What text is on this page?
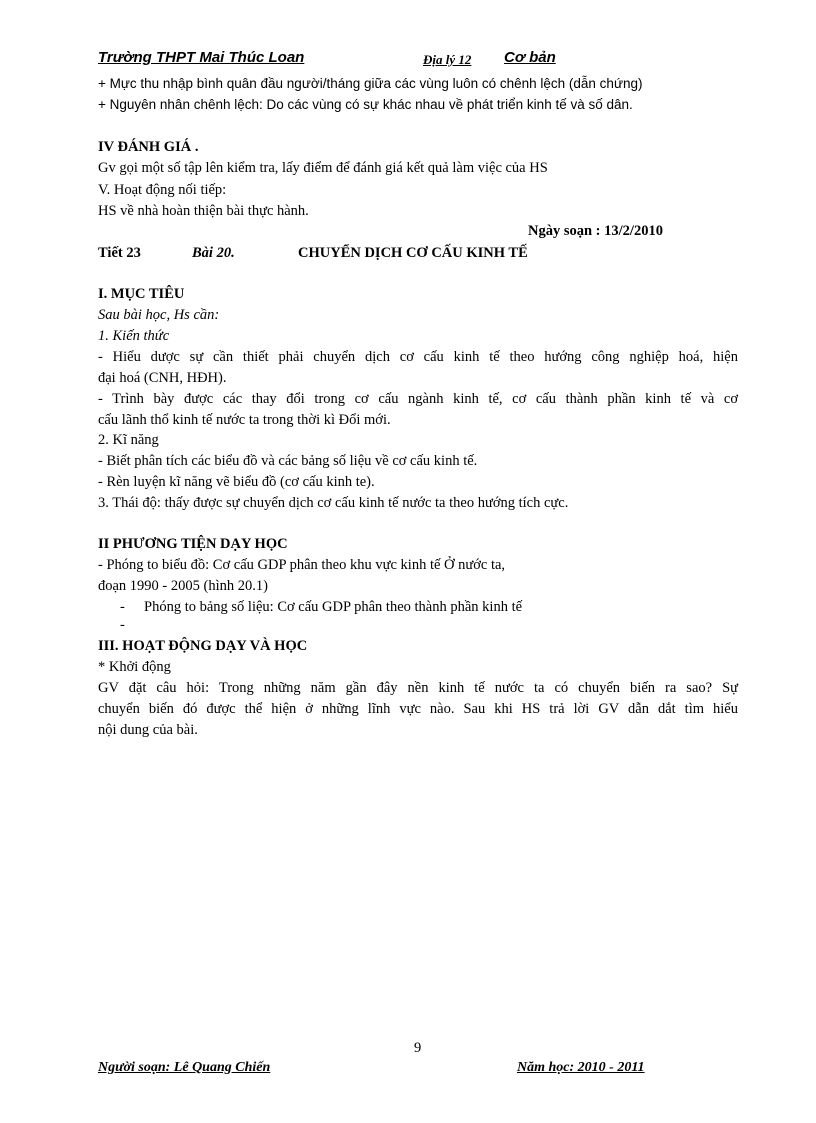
Trường THPT Mai Thúc Loan	Địa lý 12 Cơ bản
+ Mực thu nhập bình quân đầu người/tháng giữa các vùng luôn có chênh lệch (dẫn chứng)
+ Nguyên nhân chênh lệch: Do các vùng có sự khác nhau về phát triển kinh tế và số dân.
IV ĐÁNH GIÁ .
Gv gọi một số tập lên kiểm tra, lấy điểm để đánh giá kết quả làm việc của HS
V. Hoạt động nối tiếp:
HS về nhà hoàn thiện bài thực hành.
Ngày soạn : 13/2/2010
Tiết 23	Bài 20.	CHUYỂN DỊCH CƠ CẤU KINH TẾ
I. MỤC TIÊU
Sau bài học, Hs cần:
1. Kiến thức
- Hiểu dược sự cần thiết phải chuyển dịch cơ cấu kinh tế theo hướng công nghiệp hoá, hiện
đại hoá (CNH, HĐH).
- Trình bày được các thay đổi trong cơ cấu ngành kinh tế, cơ cấu thành phần kinh tế và cơ
cấu lãnh thổ kinh tế nước ta trong thời kì Đổi mới.
2. Kĩ năng
- Biết phân tích các biểu đồ và các bảng số liệu về cơ cấu kinh tế.
- Rèn luyện kĩ năng vẽ biểu đồ (cơ cấu kinh te).
3. Thái độ: thấy được sự chuyển dịch cơ cấu kinh tế nước ta theo hướng tích cực.
II PHƯƠNG TIỆN DẠY HỌC
- Phóng to biểu đồ: Cơ cấu GDP phân theo khu vực kinh tế Ở nước ta,
đoạn 1990 - 2005 (hình 20.1)
- Phóng to bảng số liệu: Cơ cấu GDP phân theo thành phần kinh tế
-
III. HOẠT ĐỘNG DẠY VÀ HỌC
* Khởi động
GV đặt câu hỏi: Trong những năm gần đây nền kinh tế nước ta có chuyển biến ra sao? Sự
chuyển biến đó được thể hiện ở những lĩnh vực nào. Sau khi HS trả lời GV dẫn dắt tìm hiểu
nội dung của bài.
9
Người soạn: Lê Quang Chiến	Năm học: 2010 - 2011
